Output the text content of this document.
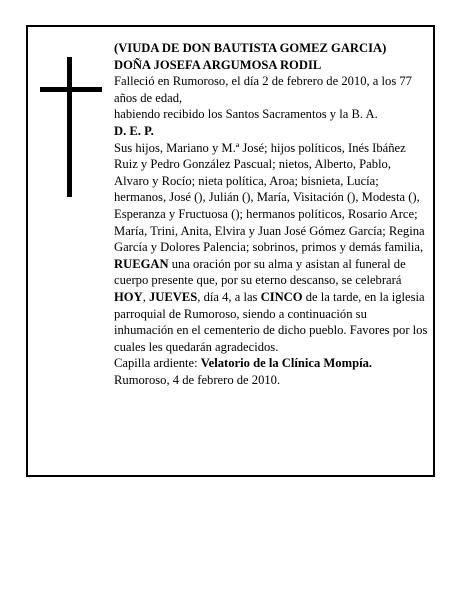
(VIUDA DE DON BAUTISTA GOMEZ GARCIA)

DOÑA JOSEFA ARGUMOSA RODIL

Falleció en Rumoroso, el día 2 de febrero de 2010, a los 77 años de edad,

habiendo recibido los Santos Sacramentos y la B. A.

D. E. P.

Sus hijos, Mariano y M.ª José; hijos políticos, Inés Ibáñez Ruiz y Pedro González Pascual; nietos, Alberto, Pablo, Alvaro y Rocío; nieta política, Aroa; bisnieta, Lucía; hermanos, José (), Julián (), María, Visitación (), Modesta (), Esperanza y Fructuosa (); hermanos políticos, Rosario Arce; María, Trini, Anita, Elvira y Juan José Gómez García; Regina García y Dolores Palencia; sobrinos, primos y demás familia,

RUEGAN una oración por su alma y asistan al funeral de cuerpo presente que, por su eterno descanso, se celebrará HOY, JUEVES, día 4, a las CINCO de la tarde, en la iglesia parroquial de Rumoroso, siendo a continuación su inhumación en el cementerio de dicho pueblo. Favores por los cuales les quedarán agradecidos.

Capilla ardiente: Velatorio de la Clínica Mompía.

Rumoroso, 4 de febrero de 2010.
